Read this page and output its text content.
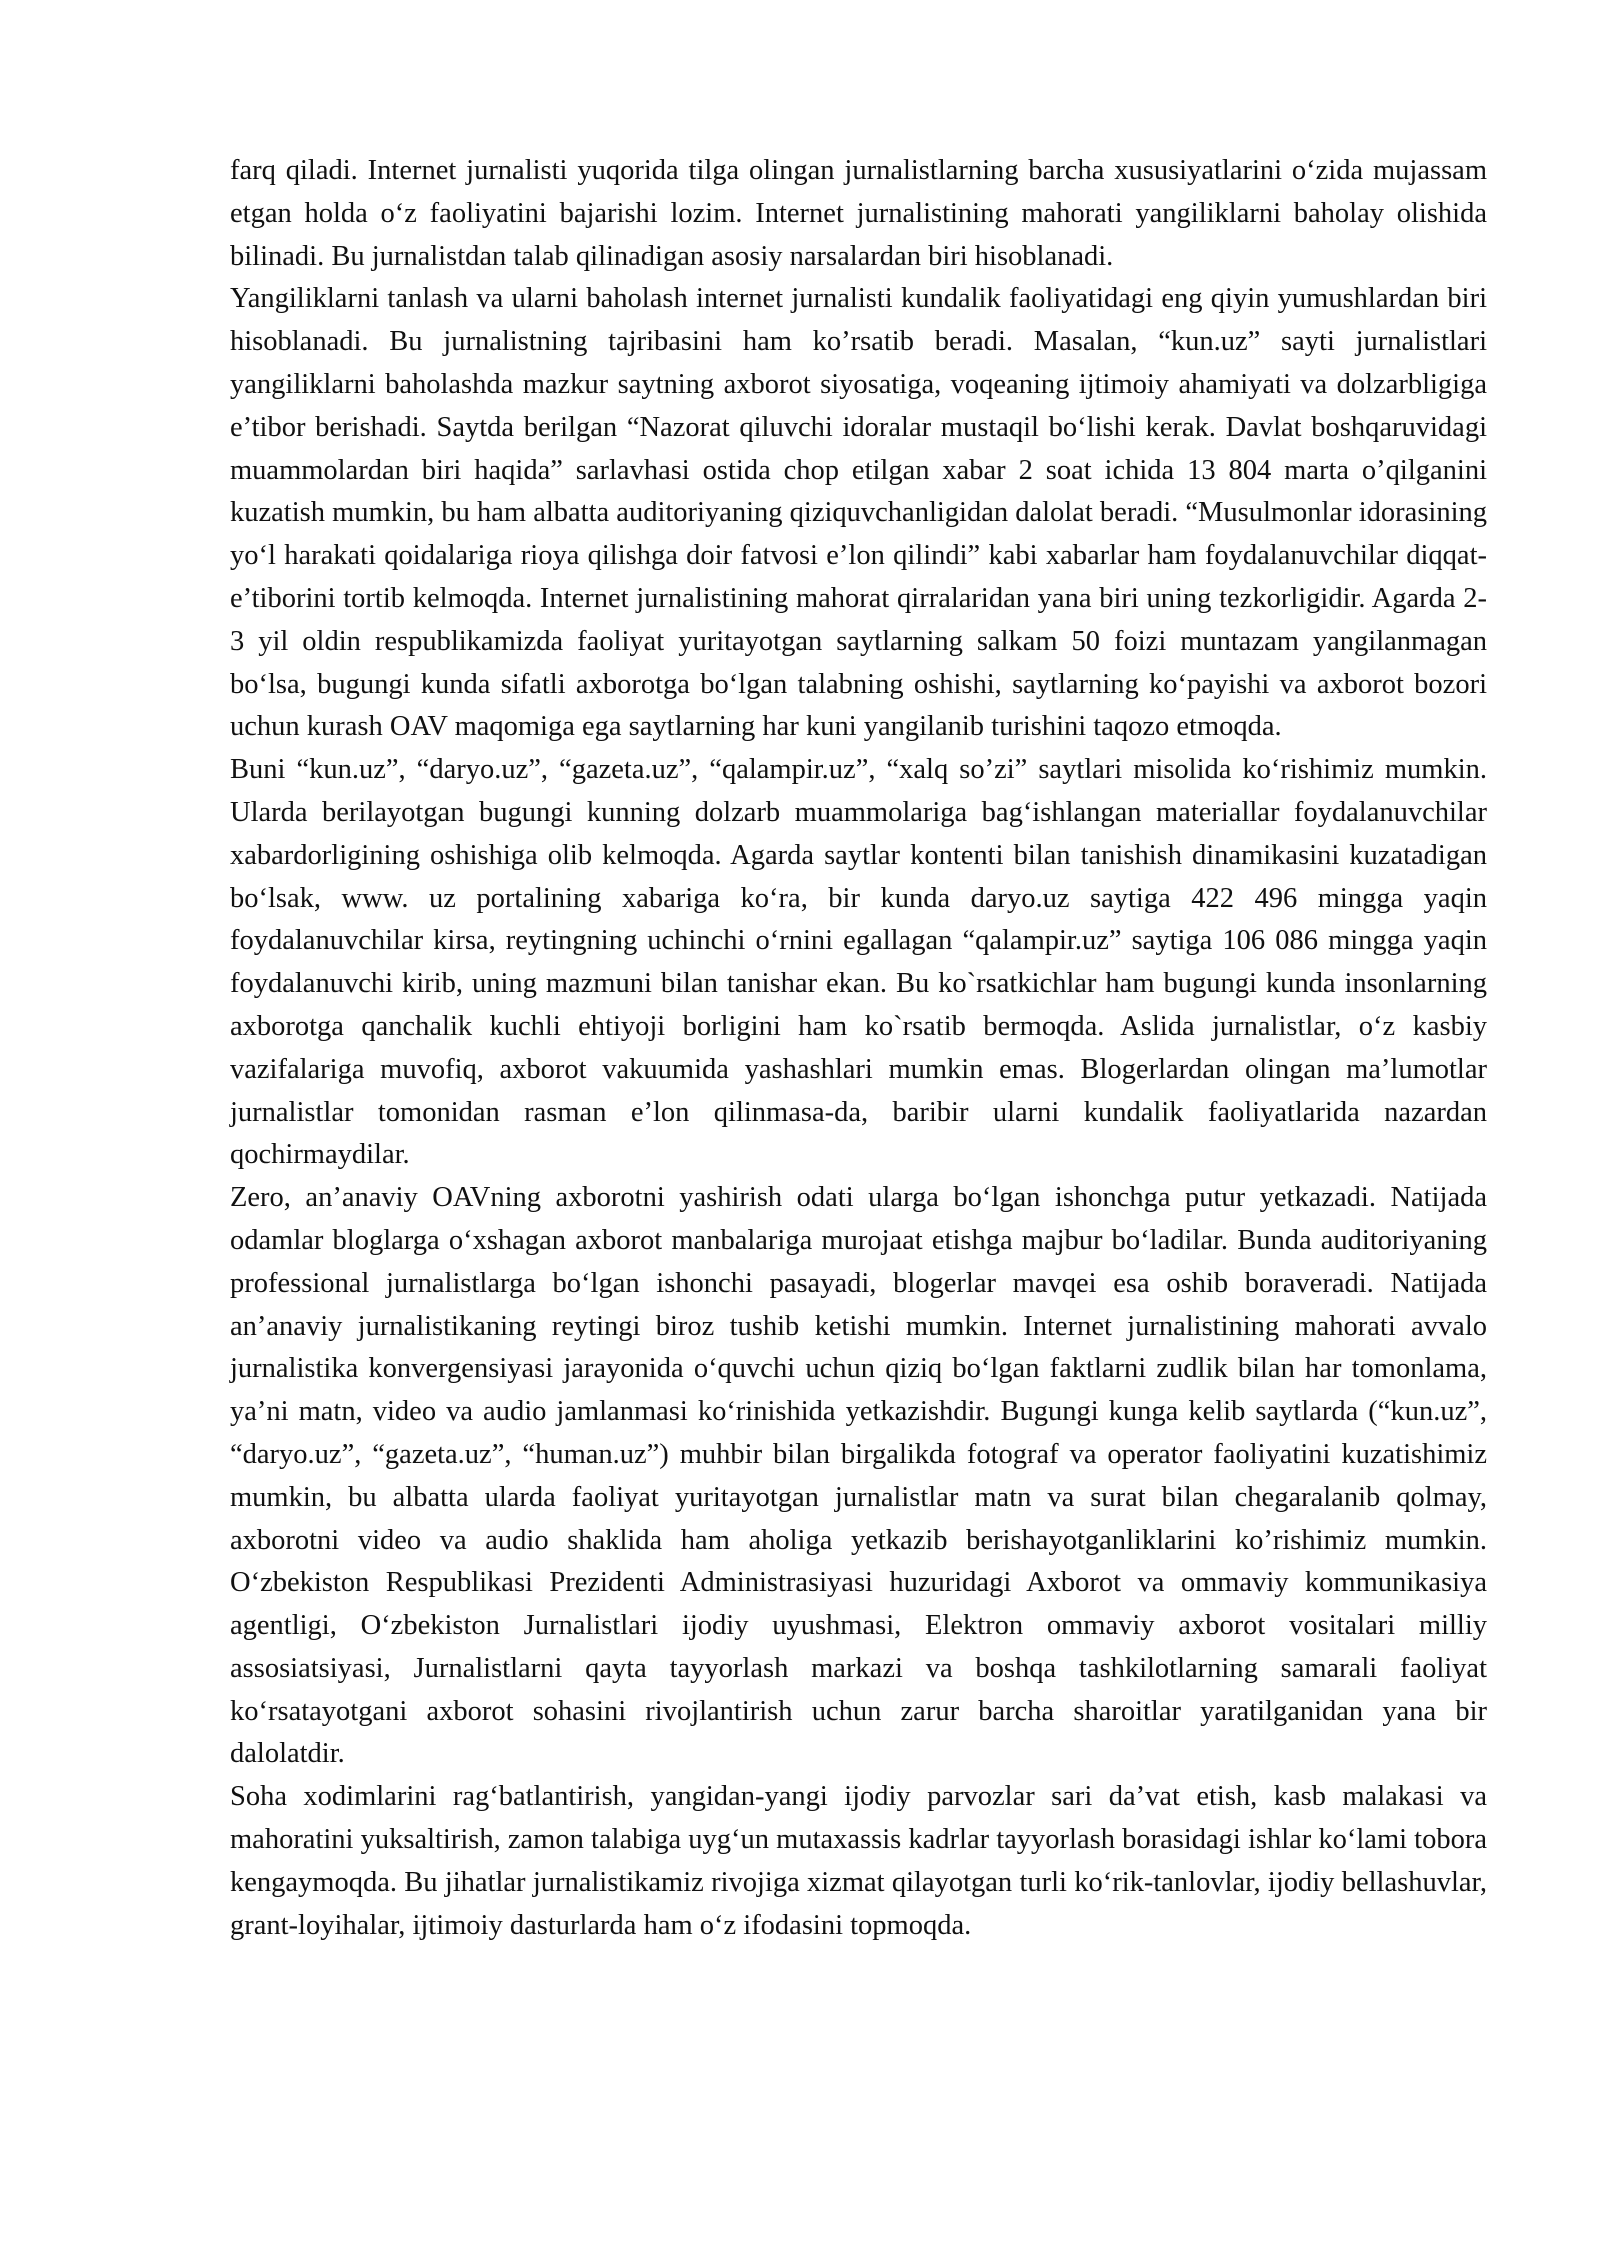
farq qiladi. Internet jurnalisti yuqorida tilga olingan jurnalistlarning barcha xususiyatlarini oʻzida mujassam etgan holda oʻz faoliyatini bajarishi lozim. Internet jurnalistining mahorati yangiliklarni baholay olishida bilinadi. Bu jurnalistdan talab qilinadigan asosiy narsalardan biri hisoblanadi.

Yangiliklarni tanlash va ularni baholash internet jurnalisti kundalik faoliyatidagi eng qiyin yumushlardan biri hisoblanadi. Bu jurnalistning tajribasini ham ko’rsatib beradi. Masalan, “kun.uz” sayti jurnalistlari yangiliklarni baholashda mazkur saytning axborot siyosatiga, voqeaning ijtimoiy ahamiyati va dolzarbligiga e’tibor berishadi. Saytda berilgan “Nazorat qiluvchi idoralar mustaqil boʻlishi kerak. Davlat boshqaruvidagi muammolardan biri haqida” sarlavhasi ostida chop etilgan xabar 2 soat ichida 13 804 marta o’qilganini kuzatish mumkin, bu ham albatta auditoriyaning qiziquvchanligidan dalolat beradi. “Musulmonlar idorasining yoʻl harakati qoidalariga rioya qilishga doir fatvosi e’lon qilindi” kabi xabarlar ham foydalanuvchilar diqqat-e’tiborini tortib kelmoqda. Internet jurnalistining mahorat qirralaridan yana biri uning tezkorligidir. Agarda 2-3 yil oldin respublikamizda faoliyat yuritayotgan saytlarning salkam 50 foizi muntazam yangilanmagan boʻlsa, bugungi kunda sifatli axborotga boʻlgan talabning oshishi, saytlarning koʻpayishi va axborot bozori uchun kurash OAV maqomiga ega saytlarning har kuni yangilanib turishini taqozo etmoqda.

Buni “kun.uz”, “daryo.uz”, “gazeta.uz”, “qalampir.uz”, “xalq so’zi” saytlari misolida koʻrishimiz mumkin. Ularda berilayotgan bugungi kunning dolzarb muammolariga bagʻishlangan materiallar foydalanuvchilar xabardorligining oshishiga olib kelmoqda. Agarda saytlar kontenti bilan tanishish dinamikasini kuzatadigan boʻlsak, www. uz portalining xabariga koʻra, bir kunda daryo.uz saytiga 422 496 mingga yaqin foydalanuvchilar kirsa, reytingning uchinchi oʻrnini egallagan “qalampir.uz” saytiga 106 086 mingga yaqin foydalanuvchi kirib, uning mazmuni bilan tanishar ekan. Bu ko`rsatkichlar ham bugungi kunda insonlarning axborotga qanchalik kuchli ehtiyoji borligini ham ko`rsatib bermoqda. Aslida jurnalistlar, oʻz kasbiy vazifalariga muvofiq, axborot vakuumida yashashlari mumkin emas. Blogerlardan olingan ma’lumotlar jurnalistlar tomonidan rasman e’lon qilinmasa-da, baribir ularni kundalik faoliyatlarida nazardan qochirmaydilar.

Zero, an’anaviy OAVning axborotni yashirish odati ularga boʻlgan ishonchga putur yetkazadi. Natijada odamlar bloglarga oʻxshagan axborot manbalariga murojaat etishga majbur boʻladilar. Bunda auditoriyaning professional jurnalistlarga boʻlgan ishonchi pasayadi, blogerlar mavqei esa oshib boraveradi. Natijada an’anaviy jurnalistikaning reytingi biroz tushib ketishi mumkin. Internet jurnalistining mahorati avvalo jurnalistika konvergensiyasi jarayonida oʻquvchi uchun qiziq boʻlgan faktlarni zudlik bilan har tomonlama, ya’ni matn, video va audio jamlanmasi koʻrinishida yetkazishdir. Bugungi kunga kelib saytlarda (“kun.uz”, “daryo.uz”, “gazeta.uz”, “human.uz”) muhbir bilan birgalikda fotograf va operator faoliyatini kuzatishimiz mumkin, bu albatta ularda faoliyat yuritayotgan jurnalistlar matn va surat bilan chegaralanib qolmay, axborotni video va audio shaklida ham aholiga yetkazib berishayotganliklarini ko’rishimiz mumkin. Oʻzbekiston Respublikasi Prezidenti Administrasiyasi huzuridagi Axborot va ommaviy kommunikasiya agentligi, Oʻzbekiston Jurnalistlari ijodiy uyushmasi, Elektron ommaviy axborot vositalari milliy assosiatsiyasi, Jurnalistlarni qayta tayyorlash markazi va boshqa tashkilotlarning samarali faoliyat koʻrsatayotgani axborot sohasini rivojlantirish uchun zarur barcha sharoitlar yaratilganidan yana bir dalolatdir.

Soha xodimlarini ragʻbatlantirish, yangidan-yangi ijodiy parvozlar sari da’vat etish, kasb malakasi va mahoratini yuksaltirish, zamon talabiga uygʻun mutaxassis kadrlar tayyorlash borasidagi ishlar koʻlami tobora kengaymoqda. Bu jihatlar jurnalistikamiz rivojiga xizmat qilayotgan turli koʻrik-tanlovlar, ijodiy bellashuvlar, grant-loyihalar, ijtimoiy dasturlarda ham oʻz ifodasini topmoqda.
